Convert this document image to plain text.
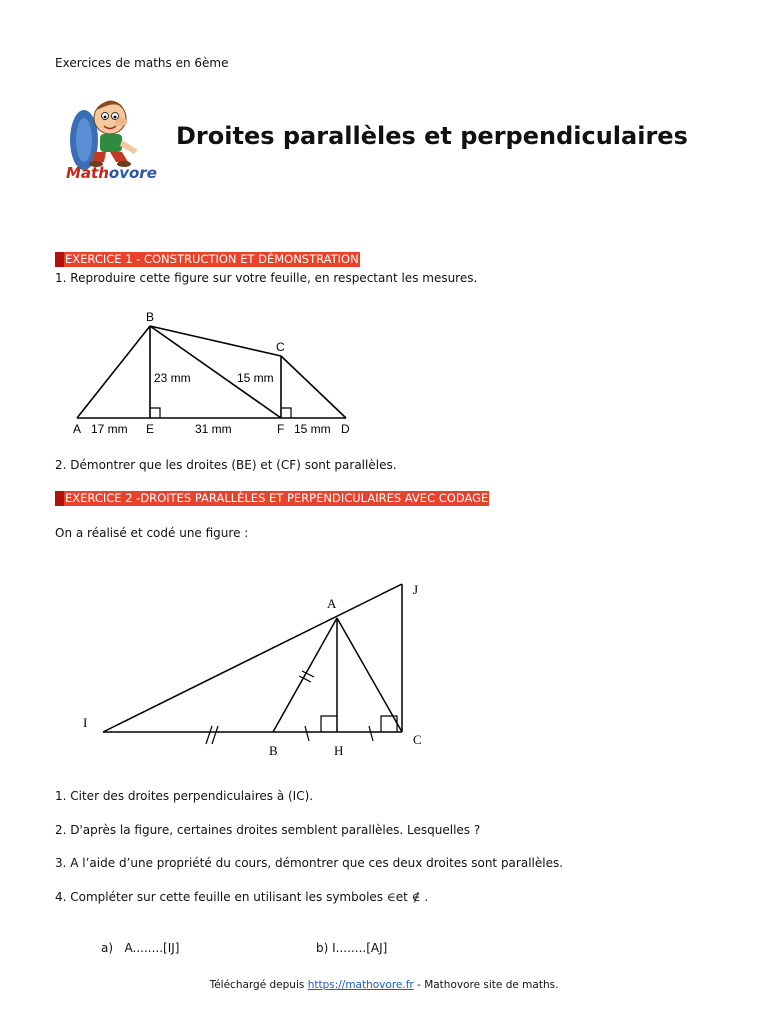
Exercices de maths en 6ème
Mathovore
Droites parallèles et perpendiculaires
EXERCICE 1 - CONSTRUCTION ET DÉMONSTRATION
1. Reproduire cette figure sur votre feuille, en respectant les mesures.
B
C
A	E	F	D
17 mm	31 mm	15 mm
23 mm	15 mm
2. Démontrer que les droites (BE) et (CF) sont parallèles.
EXERCICE 2 -DROITES PARALLÈLES ET PERPENDICULAIRES AVEC CODAGE
On a réalisé et codé une figure :
A
J
I
B	H
C
1. Citer des droites perpendiculaires à (IC).
2. D'après la figure, certaines droites semblent parallèles. Lesquelles ?
3. A l’aide d’une propriété du cours, démontrer que ces deux droites sont parallèles.
4. Compléter sur cette feuille en utilisant les symboles ∈et ∉ .
a) A........[IJ]	b) I........[AJ]
Téléchargé depuis https://mathovore.fr - Mathovore site de maths.
